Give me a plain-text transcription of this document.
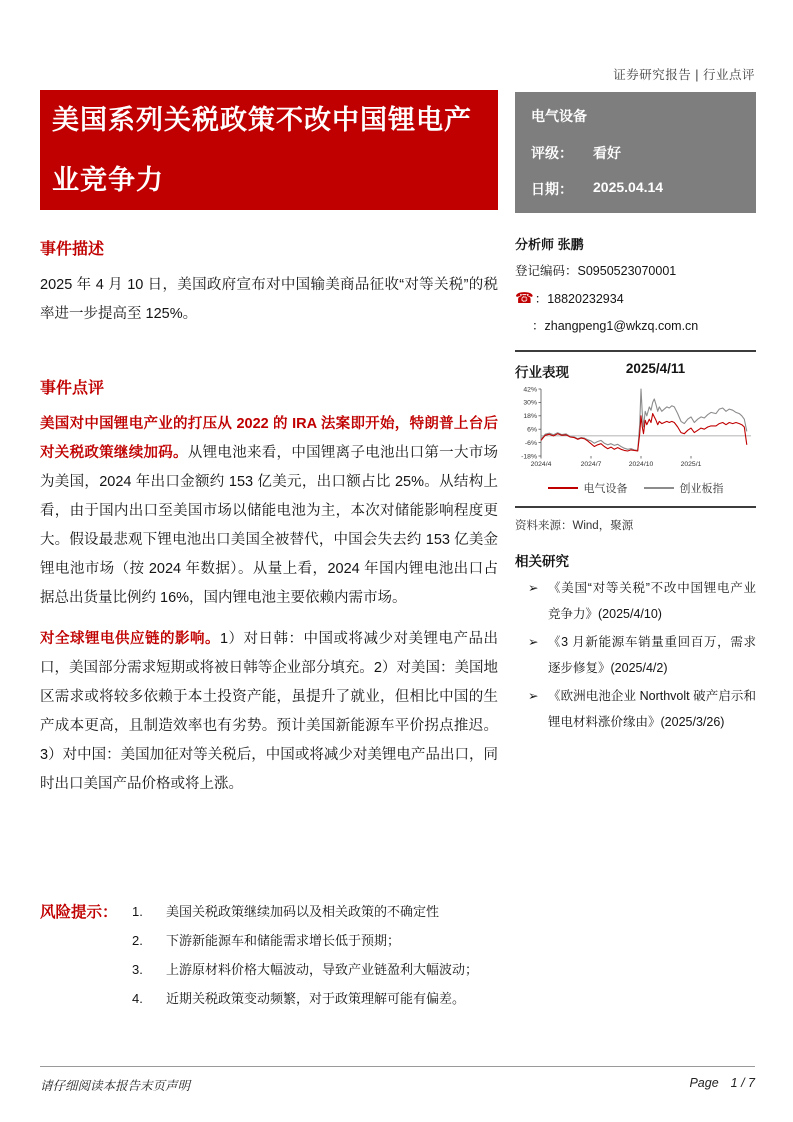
证券研究报告 | 行业点评
美国系列关税政策不改中国锂电产业竞争力
事件描述

2025 年 4 月 10 日，美国政府宣布对中国输美商品征收“对等关税”的税率进一步提高至 125%。

事件点评

美国对中国锂电产业的打压从 2022 的 IRA 法案即开始，特朗普上台后对关税政策继续加码。从锂电池来看，中国锂离子电池出口第一大市场为美国，2024 年出口金额约 153 亿美元，出口额占比 25%。从结构上看，由于国内出口至美国市场以储能电池为主，本次对储能影响程度更大。假设最悲观下锂电池出口美国全被替代，中国会失去约 153 亿美金锂电池市场（按 2024 年数据）。从量上看，2024 年国内锂电池出口占据总出货量比例约 16%，国内锂电池主要依赖内需市场。

对全球锂电供应链的影响。1）对日韩：中国或将减少对美锂电产品出口，美国部分需求短期或将被日韩等企业部分填充。2）对美国：美国地区需求或将较多依赖于本土投资产能，虽提升了就业，但相比中国的生产成本更高，且制造效率也有劣势。预计美国新能源车平价拐点推迟。3）对中国：美国加征对等关税后，中国或将减少对美锂电产品出口，同时出口美国产品价格或将上涨。

风险提示：	1. 美国关税政策继续加码以及相关政策的不确定性
2. 下游新能源车和储能需求增长低于预期；
3. 上游原材料价格大幅波动，导致产业链盈利大幅波动；
4. 近期关税政策变动频繁，对于政策理解可能有偏差。
电气设备
评级：	看好
日期：	2025.04.14
分析师 张鹏
登记编码：S0950523070001
☎：18820232934
：zhangpeng1@wkzq.com.cn
行业表现	2025/4/11
42%
30%
18%
6%
-6%
-18%
2024/4	2024/7	2024/10	2025/1
电气设备	创业板指
资料来源：Wind，聚源
相关研究
➢ 《美国“对等关税”不改中国锂电产业竞争力》(2025/4/10)
➢ 《3 月新能源车销量重回百万，需求逐步修复》(2025/4/2)
➢ 《欧洲电池企业 Northvolt 破产启示和锂电材料涨价缘由》(2025/3/26)
请仔细阅读本报告末页声明	Page 1 / 7
